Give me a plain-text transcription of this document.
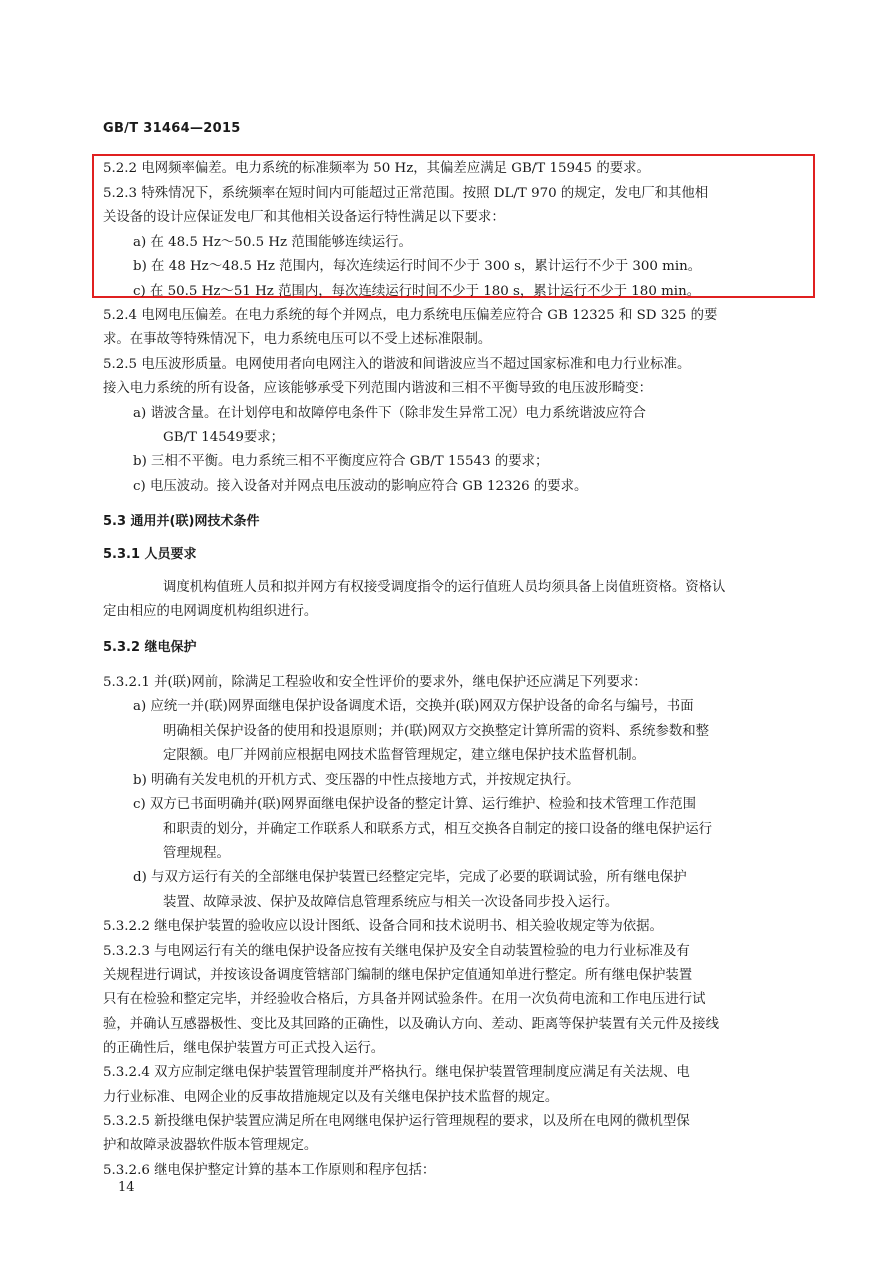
GB/T 31464—2015
5.2.2 电网频率偏差。电力系统的标准频率为 50 Hz，其偏差应满足 GB/T 15945 的要求。
5.2.3 特殊情况下，系统频率在短时间内可能超过正常范围。按照 DL/T 970 的规定，发电厂和其他相
关设备的设计应保证发电厂和其他相关设备运行特性满足以下要求：
a) 在 48.5 Hz～50.5 Hz 范围能够连续运行。
b) 在 48 Hz～48.5 Hz 范围内，每次连续运行时间不少于 300 s，累计运行不少于 300 min。
c) 在 50.5 Hz～51 Hz 范围内，每次连续运行时间不少于 180 s，累计运行不少于 180 min。
5.2.4 电网电压偏差。在电力系统的每个并网点，电力系统电压偏差应符合 GB 12325 和 SD 325 的要
求。在事故等特殊情况下，电力系统电压可以不受上述标准限制。
5.2.5 电压波形质量。电网使用者向电网注入的谐波和间谐波应当不超过国家标准和电力行业标准。
接入电力系统的所有设备，应该能够承受下列范围内谐波和三相不平衡导致的电压波形畸变：
a) 谐波含量。在计划停电和故障停电条件下（除非发生异常工况）电力系统谐波应符合
GB/T 14549要求；
b) 三相不平衡。电力系统三相不平衡度应符合 GB/T 15543 的要求；
c) 电压波动。接入设备对并网点电压波动的影响应符合 GB 12326 的要求。
5.3 通用并(联)网技术条件
5.3.1 人员要求
调度机构值班人员和拟并网方有权接受调度指令的运行值班人员均须具备上岗值班资格。资格认
定由相应的电网调度机构组织进行。
5.3.2 继电保护
5.3.2.1 并(联)网前，除满足工程验收和安全性评价的要求外，继电保护还应满足下列要求：
a) 应统一并(联)网界面继电保护设备调度术语，交换并(联)网双方保护设备的命名与编号，书面
明确相关保护设备的使用和投退原则；并(联)网双方交换整定计算所需的资料、系统参数和整
定限额。电厂并网前应根据电网技术监督管理规定，建立继电保护技术监督机制。
b) 明确有关发电机的开机方式、变压器的中性点接地方式，并按规定执行。
c) 双方已书面明确并(联)网界面继电保护设备的整定计算、运行维护、检验和技术管理工作范围
和职责的划分，并确定工作联系人和联系方式，相互交换各自制定的接口设备的继电保护运行
管理规程。
d) 与双方运行有关的全部继电保护装置已经整定完毕，完成了必要的联调试验，所有继电保护
装置、故障录波、保护及故障信息管理系统应与相关一次设备同步投入运行。
5.3.2.2 继电保护装置的验收应以设计图纸、设备合同和技术说明书、相关验收规定等为依据。
5.3.2.3 与电网运行有关的继电保护设备应按有关继电保护及安全自动装置检验的电力行业标准及有
关规程进行调试，并按该设备调度管辖部门编制的继电保护定值通知单进行整定。所有继电保护装置
只有在检验和整定完毕，并经验收合格后，方具备并网试验条件。在用一次负荷电流和工作电压进行试
验，并确认互感器极性、变比及其回路的正确性，以及确认方向、差动、距离等保护装置有关元件及接线
的正确性后，继电保护装置方可正式投入运行。
5.3.2.4 双方应制定继电保护装置管理制度并严格执行。继电保护装置管理制度应满足有关法规、电
力行业标准、电网企业的反事故措施规定以及有关继电保护技术监督的规定。
5.3.2.5 新投继电保护装置应满足所在电网继电保护运行管理规程的要求，以及所在电网的微机型保
护和故障录波器软件版本管理规定。
5.3.2.6 继电保护整定计算的基本工作原则和程序包括：
14
